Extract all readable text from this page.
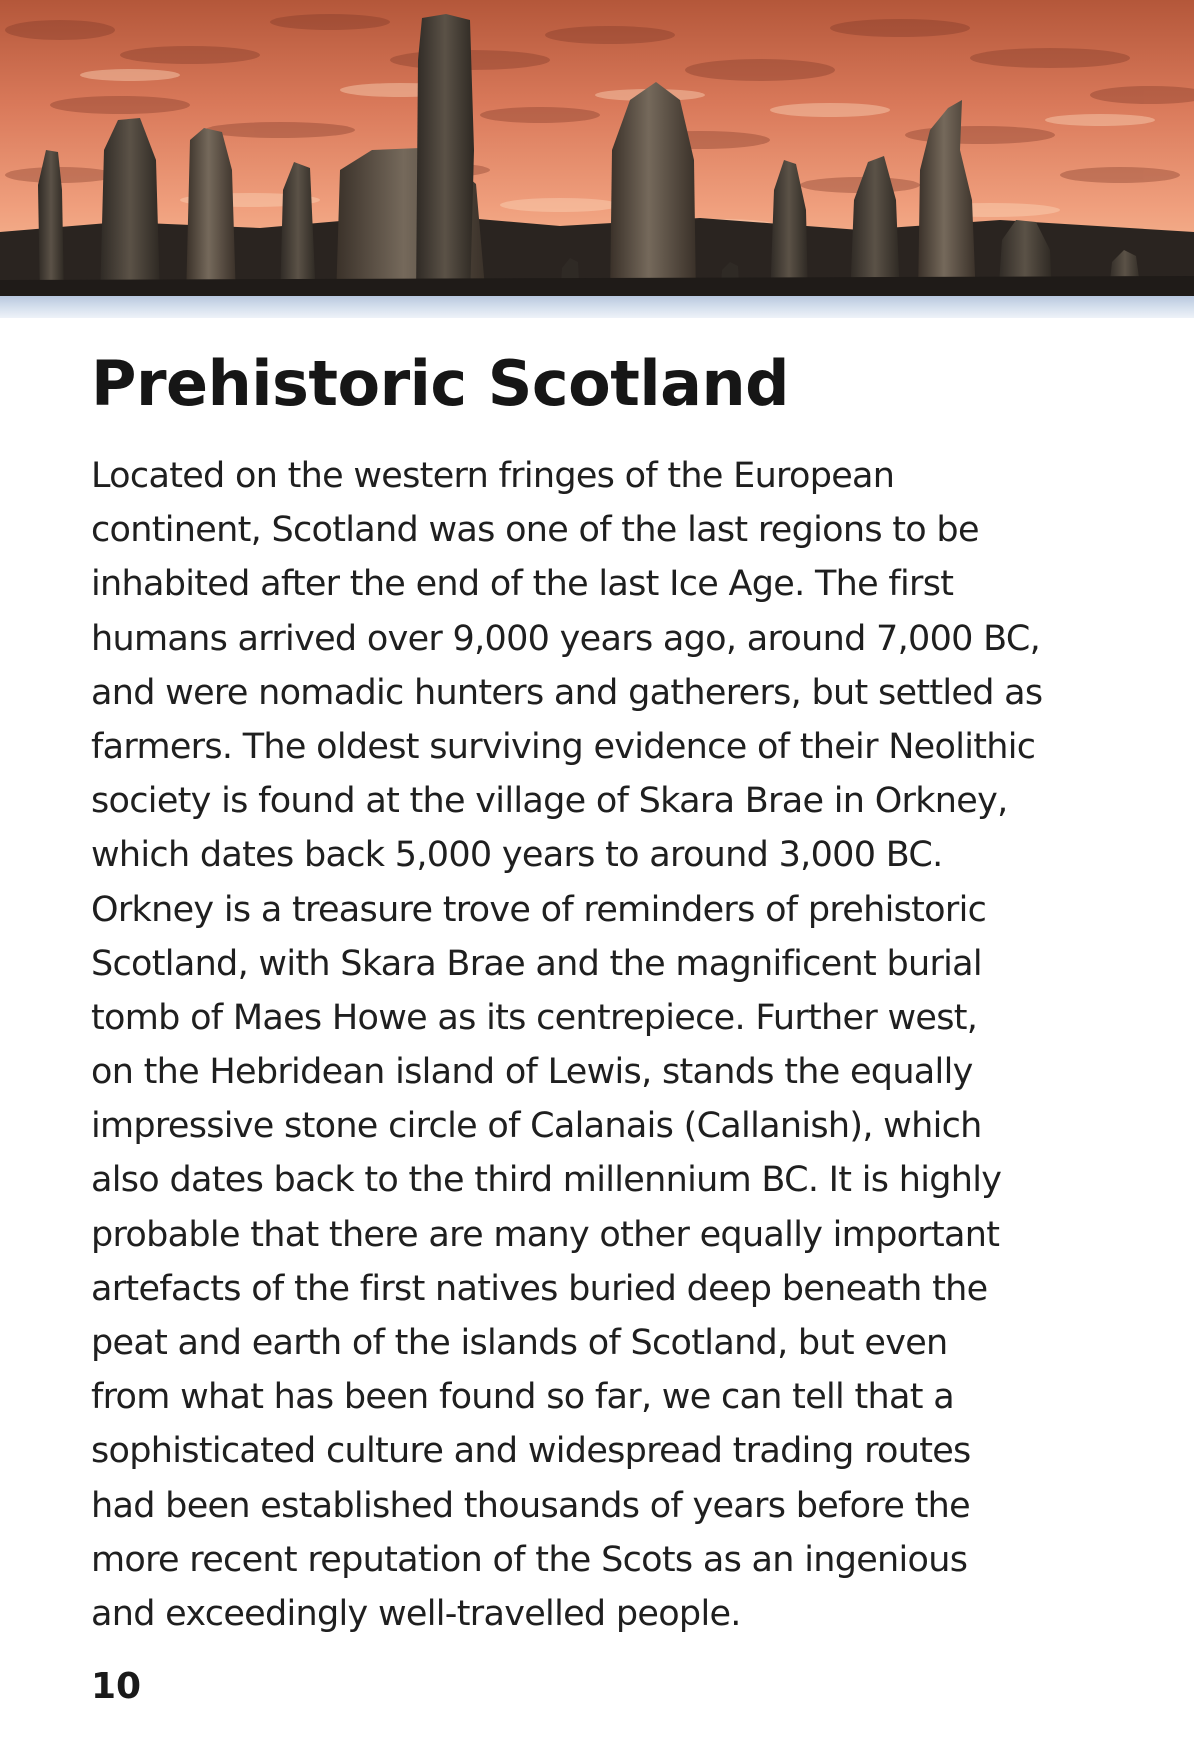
Prehistoric Scotland
Located on the western fringes of the European
continent, Scotland was one of the last regions to be
inhabited after the end of the last Ice Age. The first
humans arrived over 9,000 years ago, around 7,000 BC,
and were nomadic hunters and gatherers, but settled as
farmers. The oldest surviving evidence of their Neolithic
society is found at the village of Skara Brae in Orkney,
which dates back 5,000 years to around 3,000 BC.
Orkney is a treasure trove of reminders of prehistoric
Scotland, with Skara Brae and the magnificent burial
tomb of Maes Howe as its centrepiece. Further west,
on the Hebridean island of Lewis, stands the equally
impressive stone circle of Calanais (Callanish), which
also dates back to the third millennium BC. It is highly
probable that there are many other equally important
artefacts of the first natives buried deep beneath the
peat and earth of the islands of Scotland, but even
from what has been found so far, we can tell that a
sophisticated culture and widespread trading routes
had been established thousands of years before the
more recent reputation of the Scots as an ingenious
and exceedingly well-travelled people.
10
